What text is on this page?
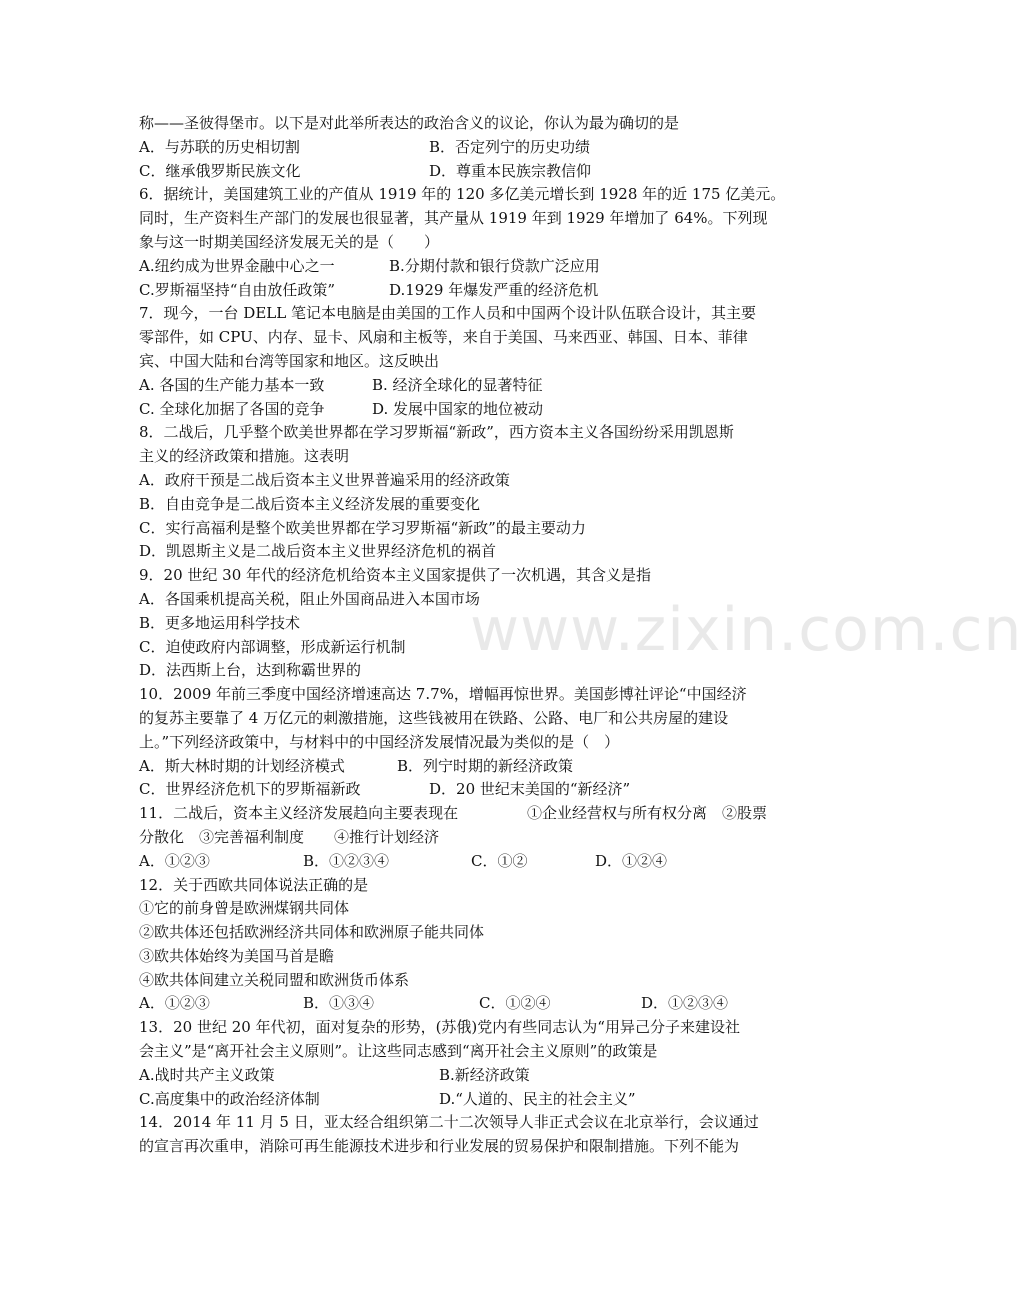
www.zixin.com.cn
称——圣彼得堡市。以下是对此举所表达的政治含义的议论，你认为最为确切的是
A．与苏联的历史相切割	B．否定列宁的历史功绩
C．继承俄罗斯民族文化	D．尊重本民族宗教信仰
6．据统计，美国建筑工业的产值从 1919 年的 120 多亿美元增长到 1928 年的近 175 亿美元。
同时，生产资料生产部门的发展也很显著，其产量从 1919 年到 1929 年增加了 64%。下列现
象与这一时期美国经济发展无关的是（　　）
A.纽约成为世界金融中心之一	B.分期付款和银行贷款广泛应用
C.罗斯福坚持“自由放任政策”	D.1929 年爆发严重的经济危机
7．现今，一台 DELL 笔记本电脑是由美国的工作人员和中国两个设计队伍联合设计，其主要
零部件，如 CPU、内存、显卡、风扇和主板等，来自于美国、马来西亚、韩国、日本、菲律
宾、中国大陆和台湾等国家和地区。这反映出
A. 各国的生产能力基本一致	B. 经济全球化的显著特征
C. 全球化加据了各国的竞争	D. 发展中国家的地位被动
8．二战后，几乎整个欧美世界都在学习罗斯福“新政”，西方资本主义各国纷纷采用凯恩斯
主义的经济政策和措施。这表明
A．政府干预是二战后资本主义世界普遍采用的经济政策
B．自由竞争是二战后资本主义经济发展的重要变化
C．实行高福利是整个欧美世界都在学习罗斯福“新政”的最主要动力
D．凯恩斯主义是二战后资本主义世界经济危机的祸首
9．20 世纪 30 年代的经济危机给资本主义国家提供了一次机遇，其含义是指
A．各国乘机提高关税，阻止外国商品进入本国市场
B．更多地运用科学技术
C．迫使政府内部调整，形成新运行机制
D．法西斯上台，达到称霸世界的
10．2009 年前三季度中国经济增速高达 7.7%，增幅再惊世界。美国彭博社评论“中国经济
的复苏主要靠了 4 万亿元的刺激措施，这些钱被用在铁路、公路、电厂和公共房屋的建设
上。”下列经济政策中，与材料中的中国经济发展情况最为类似的是（　）
A．斯大林时期的计划经济模式	B．列宁时期的新经济政策
C．世界经济危机下的罗斯福新政	D．20 世纪末美国的“新经济”
11．二战后，资本主义经济发展趋向主要表现在	①企业经营权与所有权分离　②股票
分散化　③完善福利制度　　④推行计划经济
A．①②③	B．①②③④	C．①②	D．①②④
12．关于西欧共同体说法正确的是
①它的前身曾是欧洲煤钢共同体
②欧共体还包括欧洲经济共同体和欧洲原子能共同体
③欧共体始终为美国马首是瞻
④欧共体间建立关税同盟和欧洲货币体系
A．①②③	B．①③④	C．①②④	D．①②③④
13．20 世纪 20 年代初，面对复杂的形势，(苏俄)党内有些同志认为“用异己分子来建设社
会主义”是“离开社会主义原则”。让这些同志感到“离开社会主义原则”的政策是
A.战时共产主义政策	B.新经济政策
C.高度集中的政治经济体制	D.“人道的、民主的社会主义”
14．2014 年 11 月 5 日，亚太经合组织第二十二次领导人非正式会议在北京举行，会议通过
的宣言再次重申，消除可再生能源技术进步和行业发展的贸易保护和限制措施。下列不能为
